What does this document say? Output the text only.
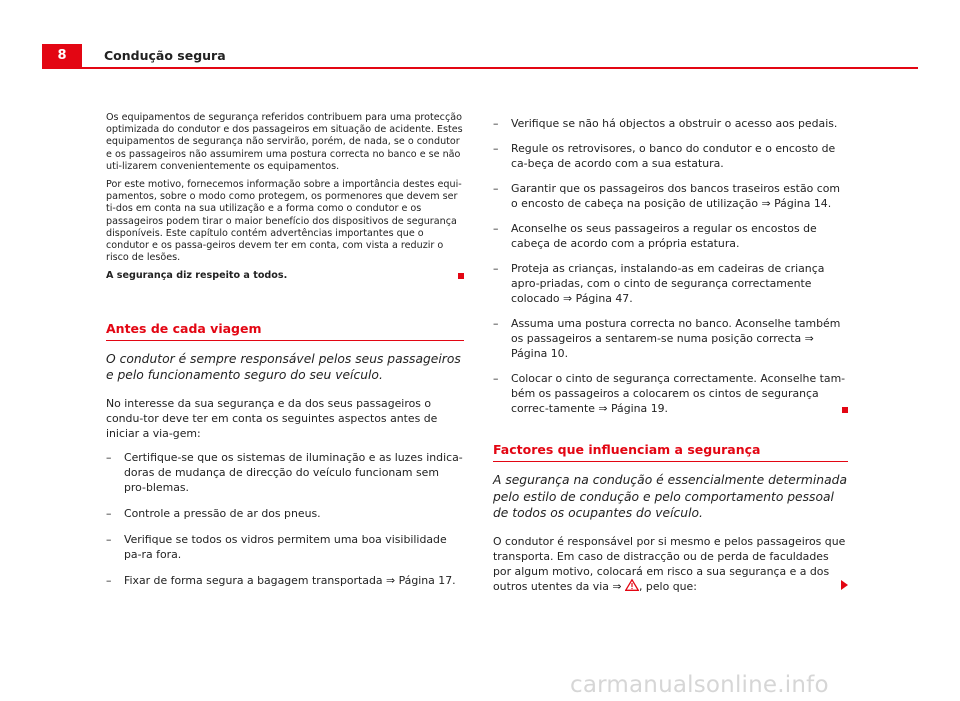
8	Condução segura

Os equipamentos de segurança referidos contribuem para uma protecção optimizada do condutor e dos passageiros em situação de acidente. Estes equipamentos de segurança não servirão, porém, de nada, se o condutor e os passageiros não assumirem uma postura correcta no banco e se não uti-lizarem convenientemente os equipamentos.

Por este motivo, fornecemos informação sobre a importância destes equi-pamentos, sobre o modo como protegem, os pormenores que devem ser ti-dos em conta na sua utilização e a forma como o condutor e os passageiros podem tirar o maior benefício dos dispositivos de segurança disponíveis. Este capítulo contém advertências importantes que o condutor e os passa-geiros devem ter em conta, com vista a reduzir o risco de lesões.

A segurança diz respeito a todos.

Antes de cada viagem

O condutor é sempre responsável pelos seus passageiros e pelo funcionamento seguro do seu veículo.

No interesse da sua segurança e da dos seus passageiros o condu-tor deve ter em conta os seguintes aspectos antes de iniciar a via-gem:

– Certifique-se que os sistemas de iluminação e as luzes indica-doras de mudança de direcção do veículo funcionam sem pro-blemas.
– Controle a pressão de ar dos pneus.
– Verifique se todos os vidros permitem uma boa visibilidade pa-ra fora.
– Fixar de forma segura a bagagem transportada ⇒ Página 17.
– Verifique se não há objectos a obstruir o acesso aos pedais.
– Regule os retrovisores, o banco do condutor e o encosto de ca-beça de acordo com a sua estatura.
– Garantir que os passageiros dos bancos traseiros estão com o encosto de cabeça na posição de utilização ⇒ Página 14.
– Aconselhe os seus passageiros a regular os encostos de cabeça de acordo com a própria estatura.
– Proteja as crianças, instalando-as em cadeiras de criança apro-priadas, com o cinto de segurança correctamente colocado ⇒ Página 47.
– Assuma uma postura correcta no banco. Aconselhe também os passageiros a sentarem-se numa posição correcta ⇒ Página 10.
– Colocar o cinto de segurança correctamente. Aconselhe tam-bém os passageiros a colocarem os cintos de segurança correc-tamente ⇒ Página 19.
Factores que influenciam a segurança

A segurança na condução é essencialmente determinada pelo estilo de condução e pelo comportamento pessoal de todos os ocupantes do veículo.

O condutor é responsável por si mesmo e pelos passageiros que transporta. Em caso de distracção ou de perda de faculdades por algum motivo, colocará em risco a sua segurança e a dos outros utentes da via ⇒ , pelo que:

carmanualsonline.info
